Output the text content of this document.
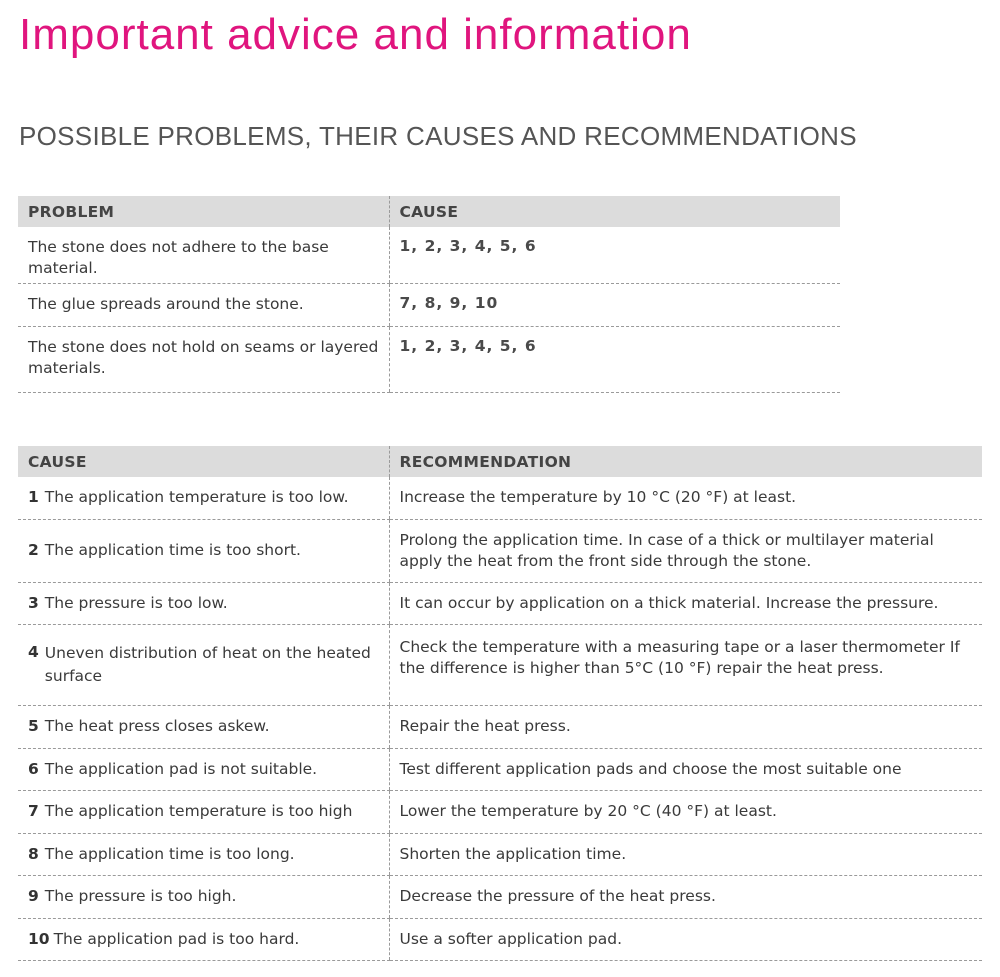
Important advice and information
POSSIBLE PROBLEMS, THEIR CAUSES AND RECOMMENDATIONS
PROBLEM	CAUSE
The stone does not adhere to the base material.	1, 2, 3, 4, 5, 6
The glue spreads around the stone.	7, 8, 9, 10
The stone does not hold on seams or layered materials.	1, 2, 3, 4, 5, 6
CAUSE	RECOMMENDATION
1 The application temperature is too low.	Increase the temperature by 10 °C (20 °F) at least.
2 The application time is too short.	Prolong the application time. In case of a thick or multilayer material apply the heat from the front side through the stone.
3 The pressure is too low.	It can occur by application on a thick material. Increase the pressure.

4 Uneven distribution of heat on the heated surface	Check the temperature with a measuring tape or a laser thermometer If the difference is higher than 5°C (10 °F) repair the heat press.

5 The heat press closes askew.	Repair the heat press.
6 The application pad is not suitable.	Test different application pads and choose the most suitable one
7 The application temperature is too high	Lower the temperature by 20 °C (40 °F) at least.
8 The application time is too long.	Shorten the application time.
9 The pressure is too high.	Decrease the pressure of the heat press.
10 The application pad is too hard.	Use a softer application pad.
